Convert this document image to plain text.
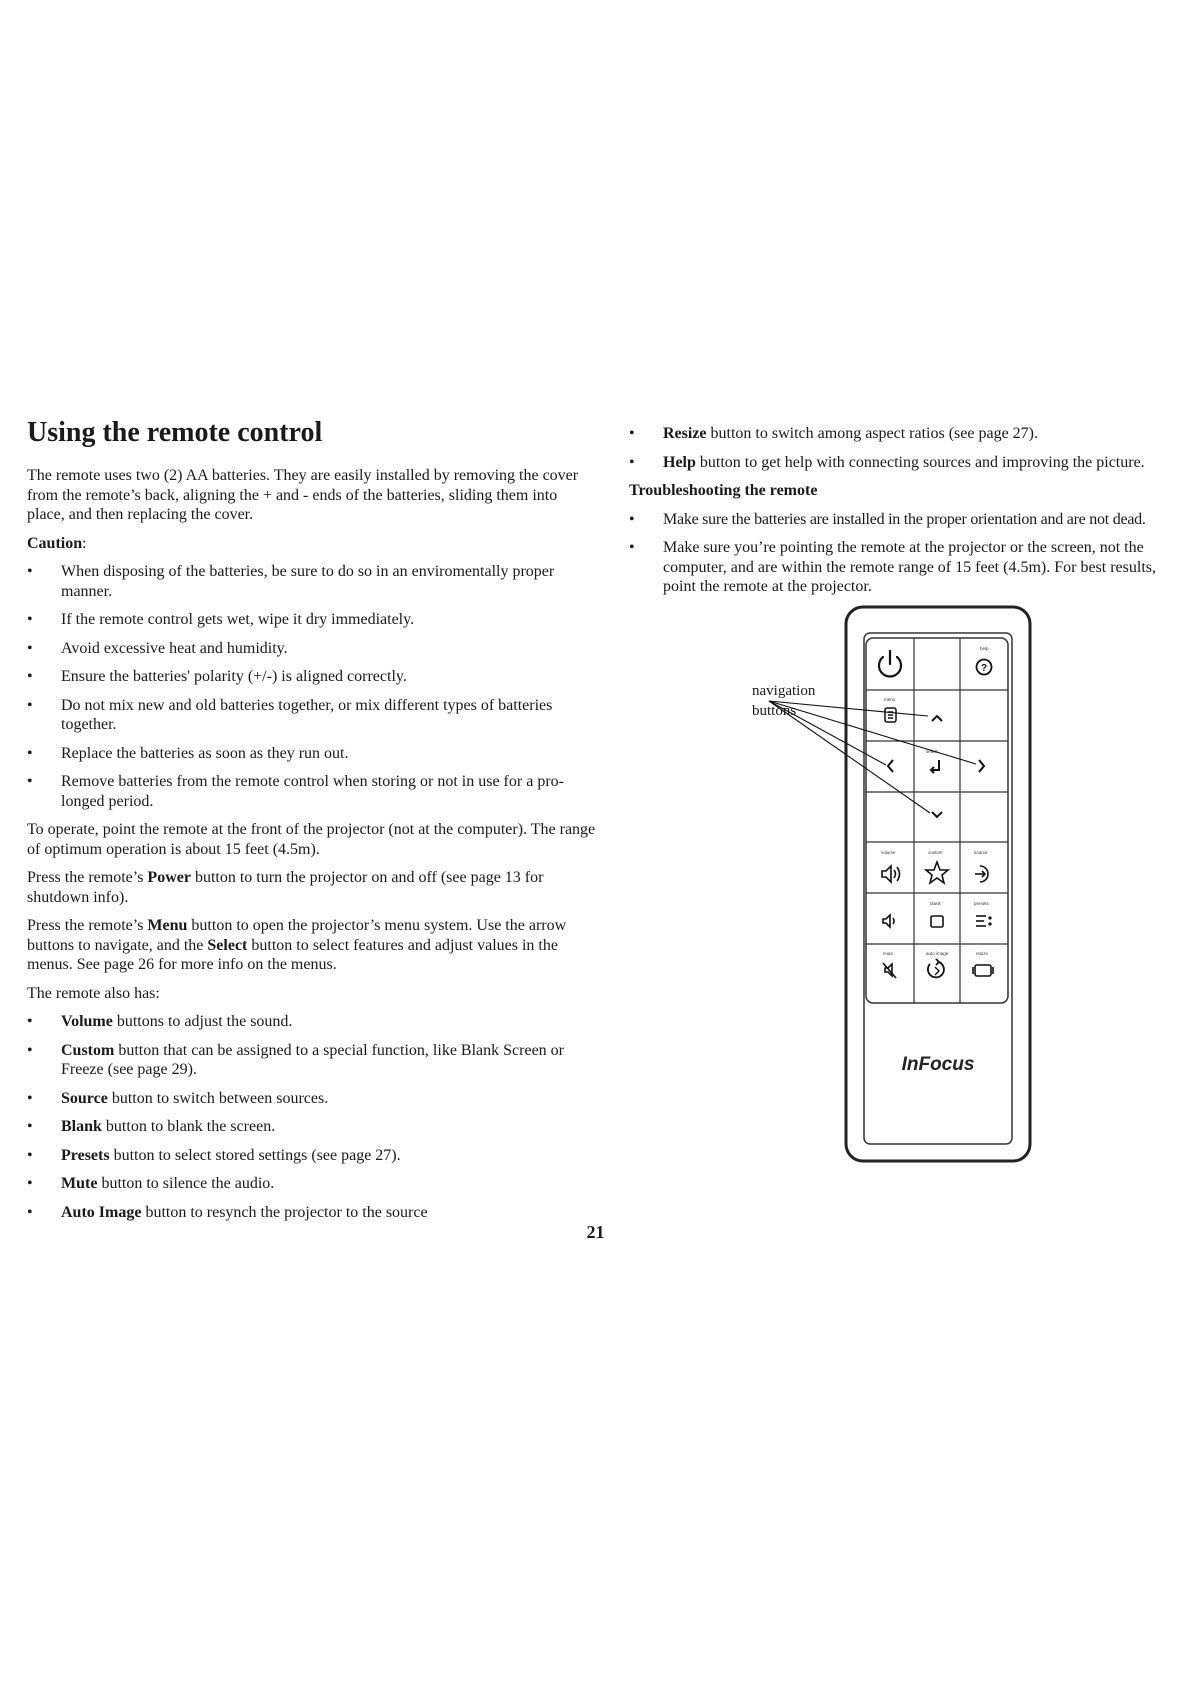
Using the remote control

The remote uses two (2) AA batteries. They are easily installed by removing the cover from the remote’s back, aligning the + and - ends of the batteries, sliding them into place, and then replacing the cover.

Caution:

•	When disposing of the batteries, be sure to do so in an enviromentally proper manner.
•	If the remote control gets wet, wipe it dry immediately.
•	Avoid excessive heat and humidity.
•	Ensure the batteries' polarity (+/-) is aligned correctly.
•	Do not mix new and old batteries together, or mix different types of batteries together.
•	Replace the batteries as soon as they run out.
•	Remove batteries from the remote control when storing or not in use for a pro-longed period.

To operate, point the remote at the front of the projector (not at the computer). The range of optimum operation is about 15 feet (4.5m).

Press the remote’s Power button to turn the projector on and off (see page 13 for shutdown info).

Press the remote’s Menu button to open the projector’s menu system. Use the arrow buttons to navigate, and the Select button to select features and adjust values in the menus. See page 26 for more info on the menus.

The remote also has:

•	Volume buttons to adjust the sound.
•	Custom button that can be assigned to a special function, like Blank Screen or Freeze (see page 29).
•	Source button to switch between sources.
•	Blank button to blank the screen.
•	Presets button to select stored settings (see page 27).
•	Mute button to silence the audio.
•	Auto Image button to resynch the projector to the source
•	Resize button to switch among aspect ratios (see page 27).
•	Help button to get help with connecting sources and improving the picture.
Troubleshooting the remote
•	Make sure the batteries are installed in the proper orientation and are not dead.
•	Make sure you’re pointing the remote at the projector or the screen, not the computer, and are within the remote range of 15 feet (4.5m). For best results, point the remote at the projector.
navigation
buttons
help
?
menu
select
volume	custom	source
blank	presets
mute	auto image	resize
InFocus
21
